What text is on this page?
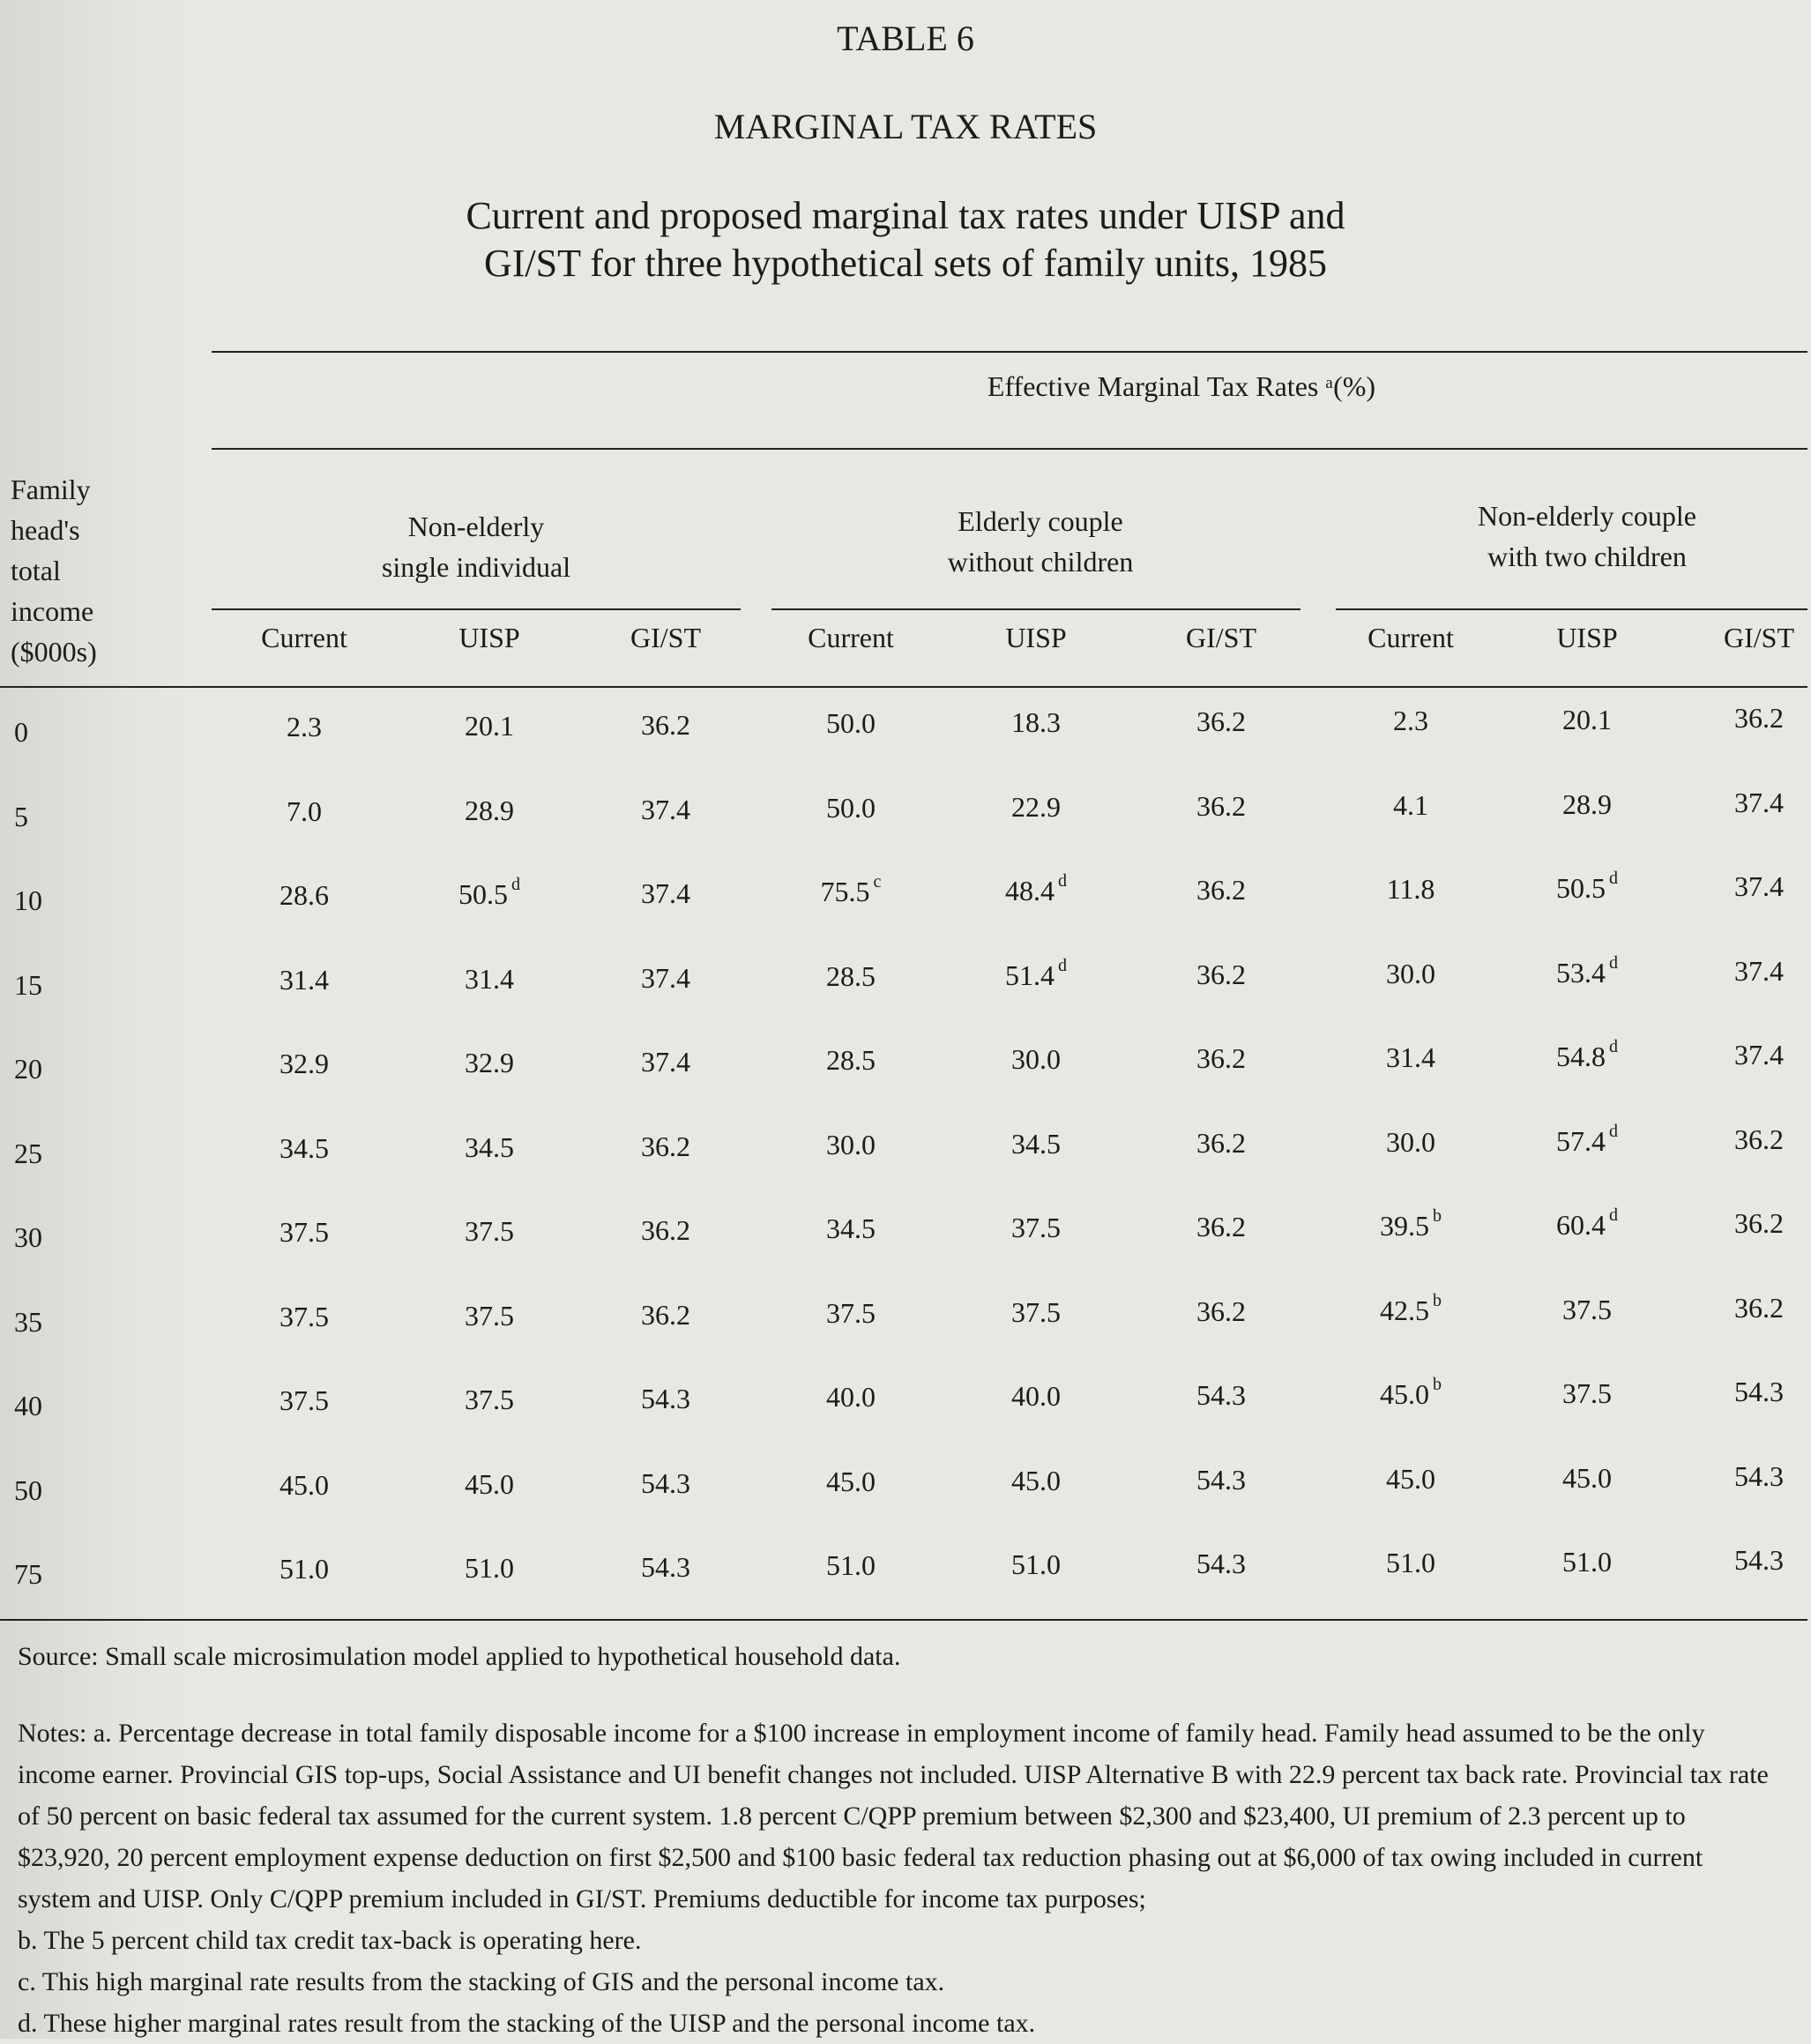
TABLE 6
MARGINAL TAX RATES
Current and proposed marginal tax rates under UISP and
GI/ST for three hypothetical sets of family units, 1985
Effective Marginal Tax Rates ᵃ(%)
Family
head's
total
income
($000s)
Non-elderly
single individual
Elderly couple
without children
Non-elderly couple
with two children
Current	UISP	GI/ST	Current	UISP	GI/ST	Current	UISP	GI/ST
0	2.3	20.1	36.2	50.0	18.3	36.2	2.3	20.1	36.2
5	7.0	28.9	37.4	50.0	22.9	36.2	4.1	28.9	37.4
10	28.6	50.5 $^d$	37.4	75.5 $^c$	48.4 $^d$	36.2	11.8	50.5 $^d$	37.4
15	31.4	31.4	37.4	28.5	51.4 $^d$	36.2	30.0	53.4 $^d$	37.4
20	32.9	32.9	37.4	28.5	30.0	36.2	31.4	54.8 $^d$	37.4
25	34.5	34.5	36.2	30.0	34.5	36.2	30.0	57.4 $^d$	36.2
30	37.5	37.5	36.2	34.5	37.5	36.2	39.5 $^b$	60.4 $^d$	36.2
35	37.5	37.5	36.2	37.5	37.5	36.2	42.5 $^b$	37.5	36.2
40	37.5	37.5	54.3	40.0	40.0	54.3	45.0 $^b$	37.5	54.3
50	45.0	45.0	54.3	45.0	45.0	54.3	45.0	45.0	54.3
75	51.0	51.0	54.3	51.0	51.0	54.3	51.0	51.0	54.3
Source: Small scale microsimulation model applied to hypothetical household data.

Notes: a. Percentage decrease in total family disposable income for a $100 increase in employment income of family head. Family head assumed to be the only income earner. Provincial GIS top-ups, Social Assistance and UI benefit changes not included. UISP Alternative B with 22.9 percent tax back rate. Provincial tax rate of 50 percent on basic federal tax assumed for the current system. 1.8 percent C/QPP premium between $2,300 and $23,400, UI premium of 2.3 percent up to $23,920, 20 percent employment expense deduction on first $2,500 and $100 basic federal tax reduction phasing out at $6,000 of tax owing included in current system and UISP. Only C/QPP premium included in GI/ST. Premiums deductible for income tax purposes;

b. The 5 percent child tax credit tax-back is operating here.

c. This high marginal rate results from the stacking of GIS and the personal income tax.

d. These higher marginal rates result from the stacking of the UISP and the personal income tax.
